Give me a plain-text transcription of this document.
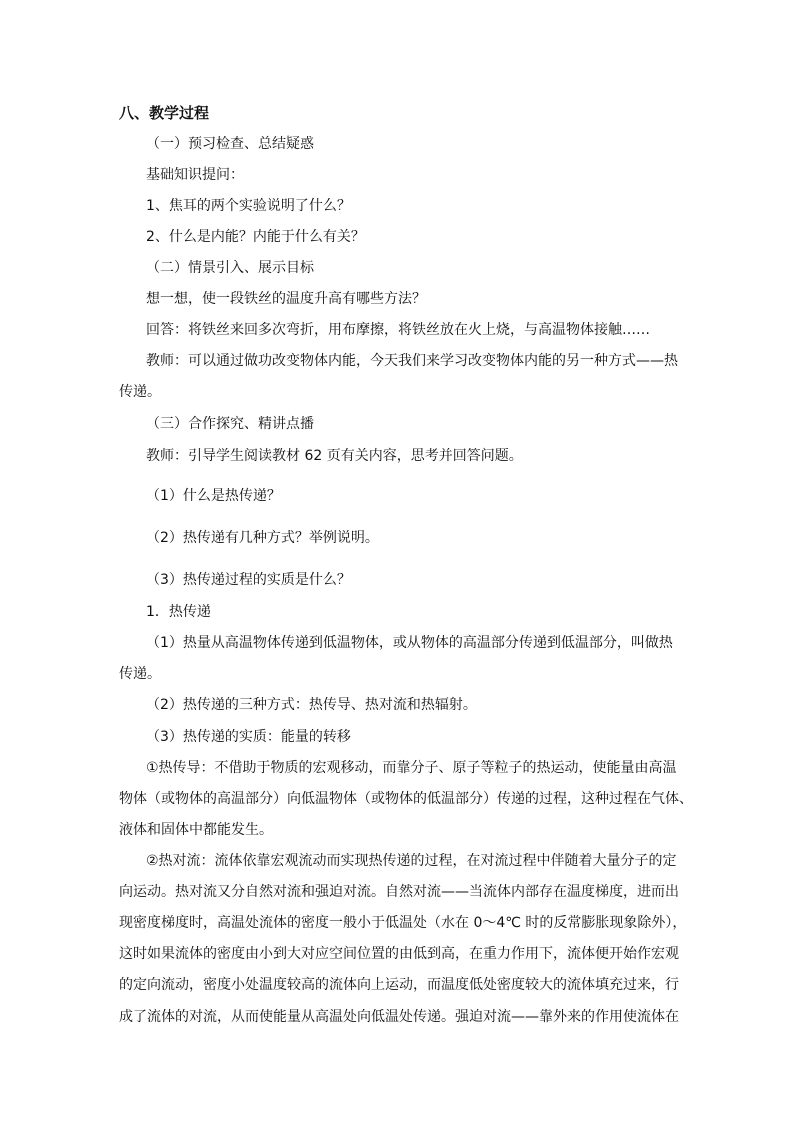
八、教学过程
（一）预习检查、总结疑惑
基础知识提问：
1、焦耳的两个实验说明了什么？
2、什么是内能？内能于什么有关？
（二）情景引入、展示目标
想一想，使一段铁丝的温度升高有哪些方法？
回答：将铁丝来回多次弯折，用布摩擦，将铁丝放在火上烧，与高温物体接触……
教师：可以通过做功改变物体内能，今天我们来学习改变物体内能的另一种方式——热
传递。
（三）合作探究、精讲点播
教师：引导学生阅读教材 62 页有关内容，思考并回答问题。
（1）什么是热传递？
（2）热传递有几种方式？举例说明。
（3）热传递过程的实质是什么？
1．热传递
（1）热量从高温物体传递到低温物体，或从物体的高温部分传递到低温部分，叫做热
传递。
（2）热传递的三种方式：热传导、热对流和热辐射。
（3）热传递的实质：能量的转移
①热传导：不借助于物质的宏观移动，而靠分子、原子等粒子的热运动，使能量由高温
物体（或物体的高温部分）向低温物体（或物体的低温部分）传递的过程，这种过程在气体、
液体和固体中都能发生。
②热对流：流体依靠宏观流动而实现热传递的过程，在对流过程中伴随着大量分子的定
向运动。热对流又分自然对流和强迫对流。自然对流——当流体内部存在温度梯度，进而出
现密度梯度时，高温处流体的密度一般小于低温处（水在 0～4℃ 时的反常膨胀现象除外），
这时如果流体的密度由小到大对应空间位置的由低到高，在重力作用下，流体便开始作宏观
的定向流动，密度小处温度较高的流体向上运动，而温度低处密度较大的流体填充过来，行
成了流体的对流，从而使能量从高温处向低温处传递。强迫对流——靠外来的作用使流体在
